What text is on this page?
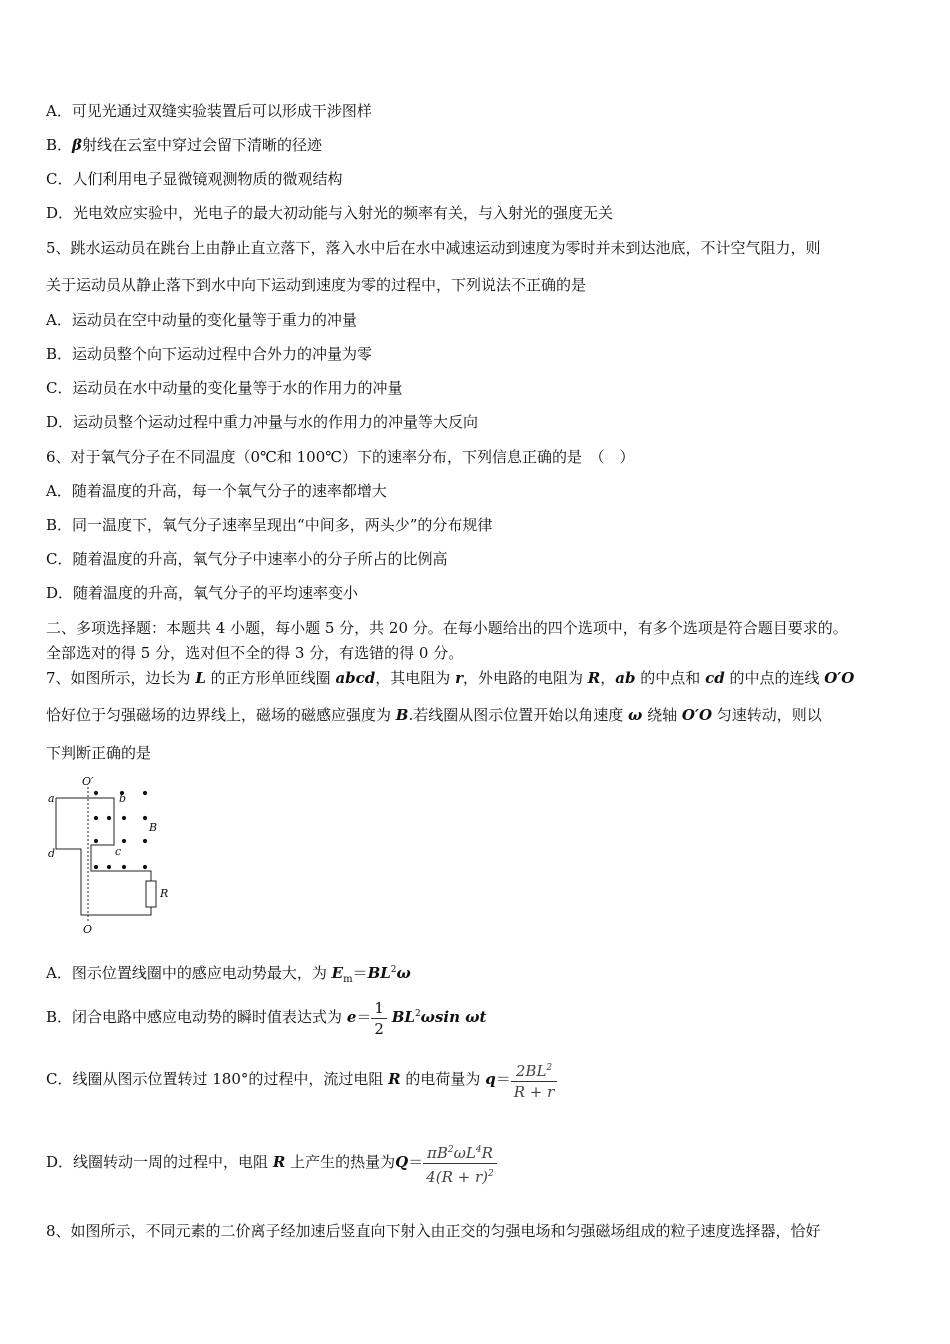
A．可见光通过双缝实验装置后可以形成干涉图样
B．β射线在云室中穿过会留下清晰的径迹
C．人们利用电子显微镜观测物质的微观结构
D．光电效应实验中，光电子的最大初动能与入射光的频率有关，与入射光的强度无关
5、跳水运动员在跳台上由静止直立落下，落入水中后在水中减速运动到速度为零时并未到达池底，不计空气阻力，则
关于运动员从静止落下到水中向下运动到速度为零的过程中，下列说法不正确的是
A．运动员在空中动量的变化量等于重力的冲量
B．运动员整个向下运动过程中合外力的冲量为零
C．运动员在水中动量的变化量等于水的作用力的冲量
D．运动员整个运动过程中重力冲量与水的作用力的冲量等大反向
6、对于氧气分子在不同温度（0℃和 100℃）下的速率分布，下列信息正确的是　（　）
A．随着温度的升高，每一个氧气分子的速率都增大
B．同一温度下，氧气分子速率呈现出“中间多，两头少”的分布规律
C．随着温度的升高，氧气分子中速率小的分子所占的比例高
D．随着温度的升高，氧气分子的平均速率变小
二、多项选择题：本题共 4 小题，每小题 5 分，共 20 分。在每小题给出的四个选项中，有多个选项是符合题目要求的。
全部选对的得 5 分，选对但不全的得 3 分，有选错的得 0 分。
7、如图所示，边长为 L 的正方形单匝线圈 abcd，其电阻为 r，外电路的电阻为 R，ab 的中点和 cd 的中点的连线 O′O
恰好位于匀强磁场的边界线上，磁场的磁感应强度为 B.若线圈从图示位置开始以角速度 ω 绕轴 O′O 匀速转动，则以
下判断正确的是
O′
O
a	b
c
d
B
R
A．图示位置线圈中的感应电动势最大，为 $E_m=BL^2\omega$
B．闭合电路中感应电动势的瞬时值表达式为 $e= \frac{1}{2} BL^2\omega\sin$ ωt
C．线圈从图示位置转过 180°的过程中，流过电阻 R 的电荷量为 $q= \frac{2BL^2}{R + r}$
D．线圈转动一周的过程中，电阻 R 上产生的热量为$Q= \frac{\pi B^2\omega L^4R}{4(R + r)^2}$
8、如图所示，不同元素的二价离子经加速后竖直向下射入由正交的匀强电场和匀强磁场组成的粒子速度选择器，恰好
